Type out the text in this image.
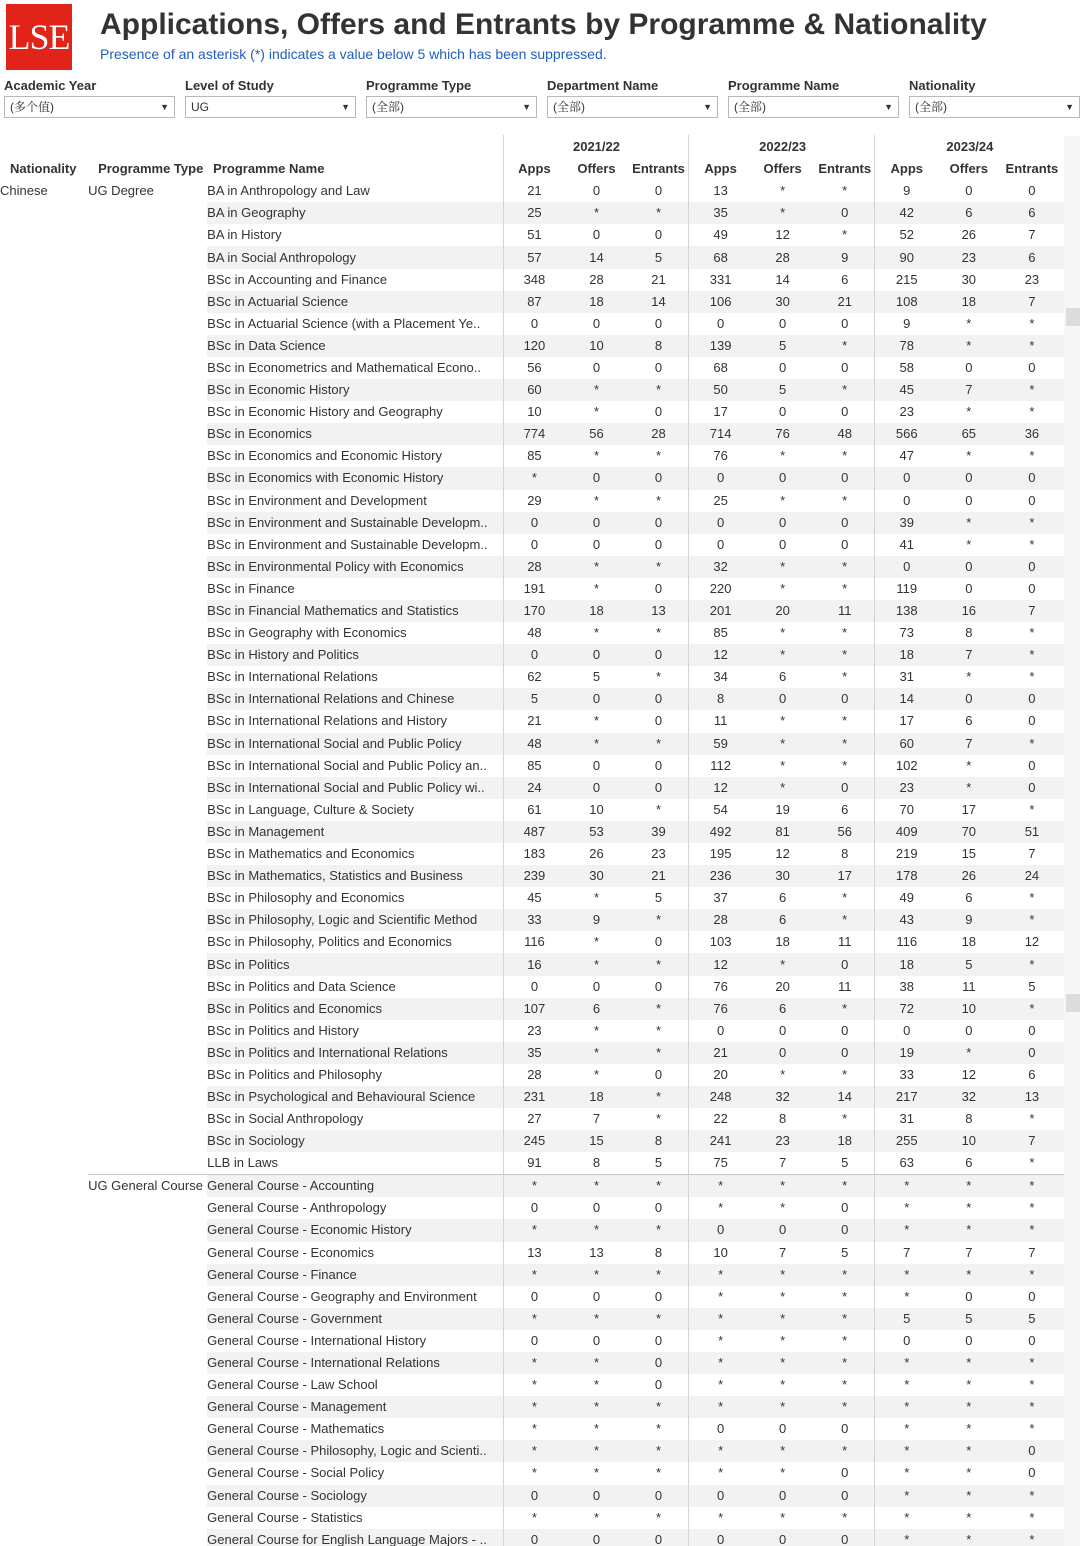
LSE Applications, Offers and Entrants by Programme & Nationality
Presence of an asterisk (*) indicates a value below 5 which has been suppressed.
Academic Year
(多个值)	▼
Level of Study
UG	▼
Programme Type
(全部)	▼
Department Name
(全部)	▼
Programme Name
(全部)	▼
Nationality
(全部)	▼
			2021/22			2022/23			2023/24		
Nationality	Programme Type	Programme Name	Apps	Offers	Entrants	Apps	Offers	Entrants	Apps	Offers	Entrants
Chinese	UG Degree	BA in Anthropology and Law	21	0	0	13	*	*	9	0	0
		BA in Geography	25	*	*	35	*	0	42	6	6
		BA in History	51	0	0	49	12	*	52	26	7
		BA in Social Anthropology	57	14	5	68	28	9	90	23	6
		BSc in Accounting and Finance	348	28	21	331	14	6	215	30	23
		BSc in Actuarial Science	87	18	14	106	30	21	108	18	7
		BSc in Actuarial Science (with a Placement Ye..	0	0	0	0	0	0	9	*	*
		BSc in Data Science	120	10	8	139	5	*	78	*	*
		BSc in Econometrics and Mathematical Econo..	56	0	0	68	0	0	58	0	0
		BSc in Economic History	60	*	*	50	5	*	45	7	*
		BSc in Economic History and Geography	10	*	0	17	0	0	23	*	*
		BSc in Economics	774	56	28	714	76	48	566	65	36
		BSc in Economics and Economic History	85	*	*	76	*	*	47	*	*
		BSc in Economics with Economic History	*	0	0	0	0	0	0	0	0
		BSc in Environment and Development	29	*	*	25	*	*	0	0	0
		BSc in Environment and Sustainable Developm..	0	0	0	0	0	0	39	*	*
		BSc in Environment and Sustainable Developm..	0	0	0	0	0	0	41	*	*
		BSc in Environmental Policy with Economics	28	*	*	32	*	*	0	0	0
		BSc in Finance	191	*	0	220	*	*	119	0	0
		BSc in Financial Mathematics and Statistics	170	18	13	201	20	11	138	16	7
		BSc in Geography with Economics	48	*	*	85	*	*	73	8	*
		BSc in History and Politics	0	0	0	12	*	*	18	7	*
		BSc in International Relations	62	5	*	34	6	*	31	*	*
		BSc in International Relations and Chinese	5	0	0	8	0	0	14	0	0
		BSc in International Relations and History	21	*	0	11	*	*	17	6	0
		BSc in International Social and Public Policy	48	*	*	59	*	*	60	7	*
		BSc in International Social and Public Policy an..	85	0	0	112	*	*	102	*	0
		BSc in International Social and Public Policy wi..	24	0	0	12	*	0	23	*	0
		BSc in Language, Culture & Society	61	10	*	54	19	6	70	17	*
		BSc in Management	487	53	39	492	81	56	409	70	51
		BSc in Mathematics and Economics	183	26	23	195	12	8	219	15	7
		BSc in Mathematics, Statistics and Business	239	30	21	236	30	17	178	26	24
		BSc in Philosophy and Economics	45	*	5	37	6	*	49	6	*
		BSc in Philosophy, Logic and Scientific Method	33	9	*	28	6	*	43	9	*
		BSc in Philosophy, Politics and Economics	116	*	0	103	18	11	116	18	12
		BSc in Politics	16	*	*	12	*	0	18	5	*
		BSc in Politics and Data Science	0	0	0	76	20	11	38	11	5
		BSc in Politics and Economics	107	6	*	76	6	*	72	10	*
		BSc in Politics and History	23	*	*	0	0	0	0	0	0
		BSc in Politics and International Relations	35	*	*	21	0	0	19	*	0
		BSc in Politics and Philosophy	28	*	0	20	*	*	33	12	6
		BSc in Psychological and Behavioural Science	231	18	*	248	32	14	217	32	13
		BSc in Social Anthropology	27	7	*	22	8	*	31	8	*
		BSc in Sociology	245	15	8	241	23	18	255	10	7
		LLB in Laws	91	8	5	75	7	5	63	6	*
	UG General Course	General Course - Accounting	*	*	*	*	*	*	*	*	*
		General Course - Anthropology	0	0	0	*	*	0	*	*	*
		General Course - Economic History	*	*	*	0	0	0	*	*	*
		General Course - Economics	13	13	8	10	7	5	7	7	7
		General Course - Finance	*	*	*	*	*	*	*	*	*
		General Course - Geography and Environment	0	0	0	*	*	*	*	0	0
		General Course - Government	*	*	*	*	*	*	5	5	5
		General Course - International History	0	0	0	*	*	*	0	0	0
		General Course - International Relations	*	*	0	*	*	*	*	*	*
		General Course - Law School	*	*	0	*	*	*	*	*	*
		General Course - Management	*	*	*	*	*	*	*	*	*
		General Course - Mathematics	*	*	*	0	0	0	*	*	*
		General Course - Philosophy, Logic and Scienti..	*	*	*	*	*	*	*	*	0
		General Course - Social Policy	*	*	*	*	*	0	*	*	0
		General Course - Sociology	0	0	0	0	0	0	*	*	*
		General Course - Statistics	*	*	*	*	*	*	*	*	*
		General Course for English Language Majors - ..	0	0	0	0	0	0	*	*	*
